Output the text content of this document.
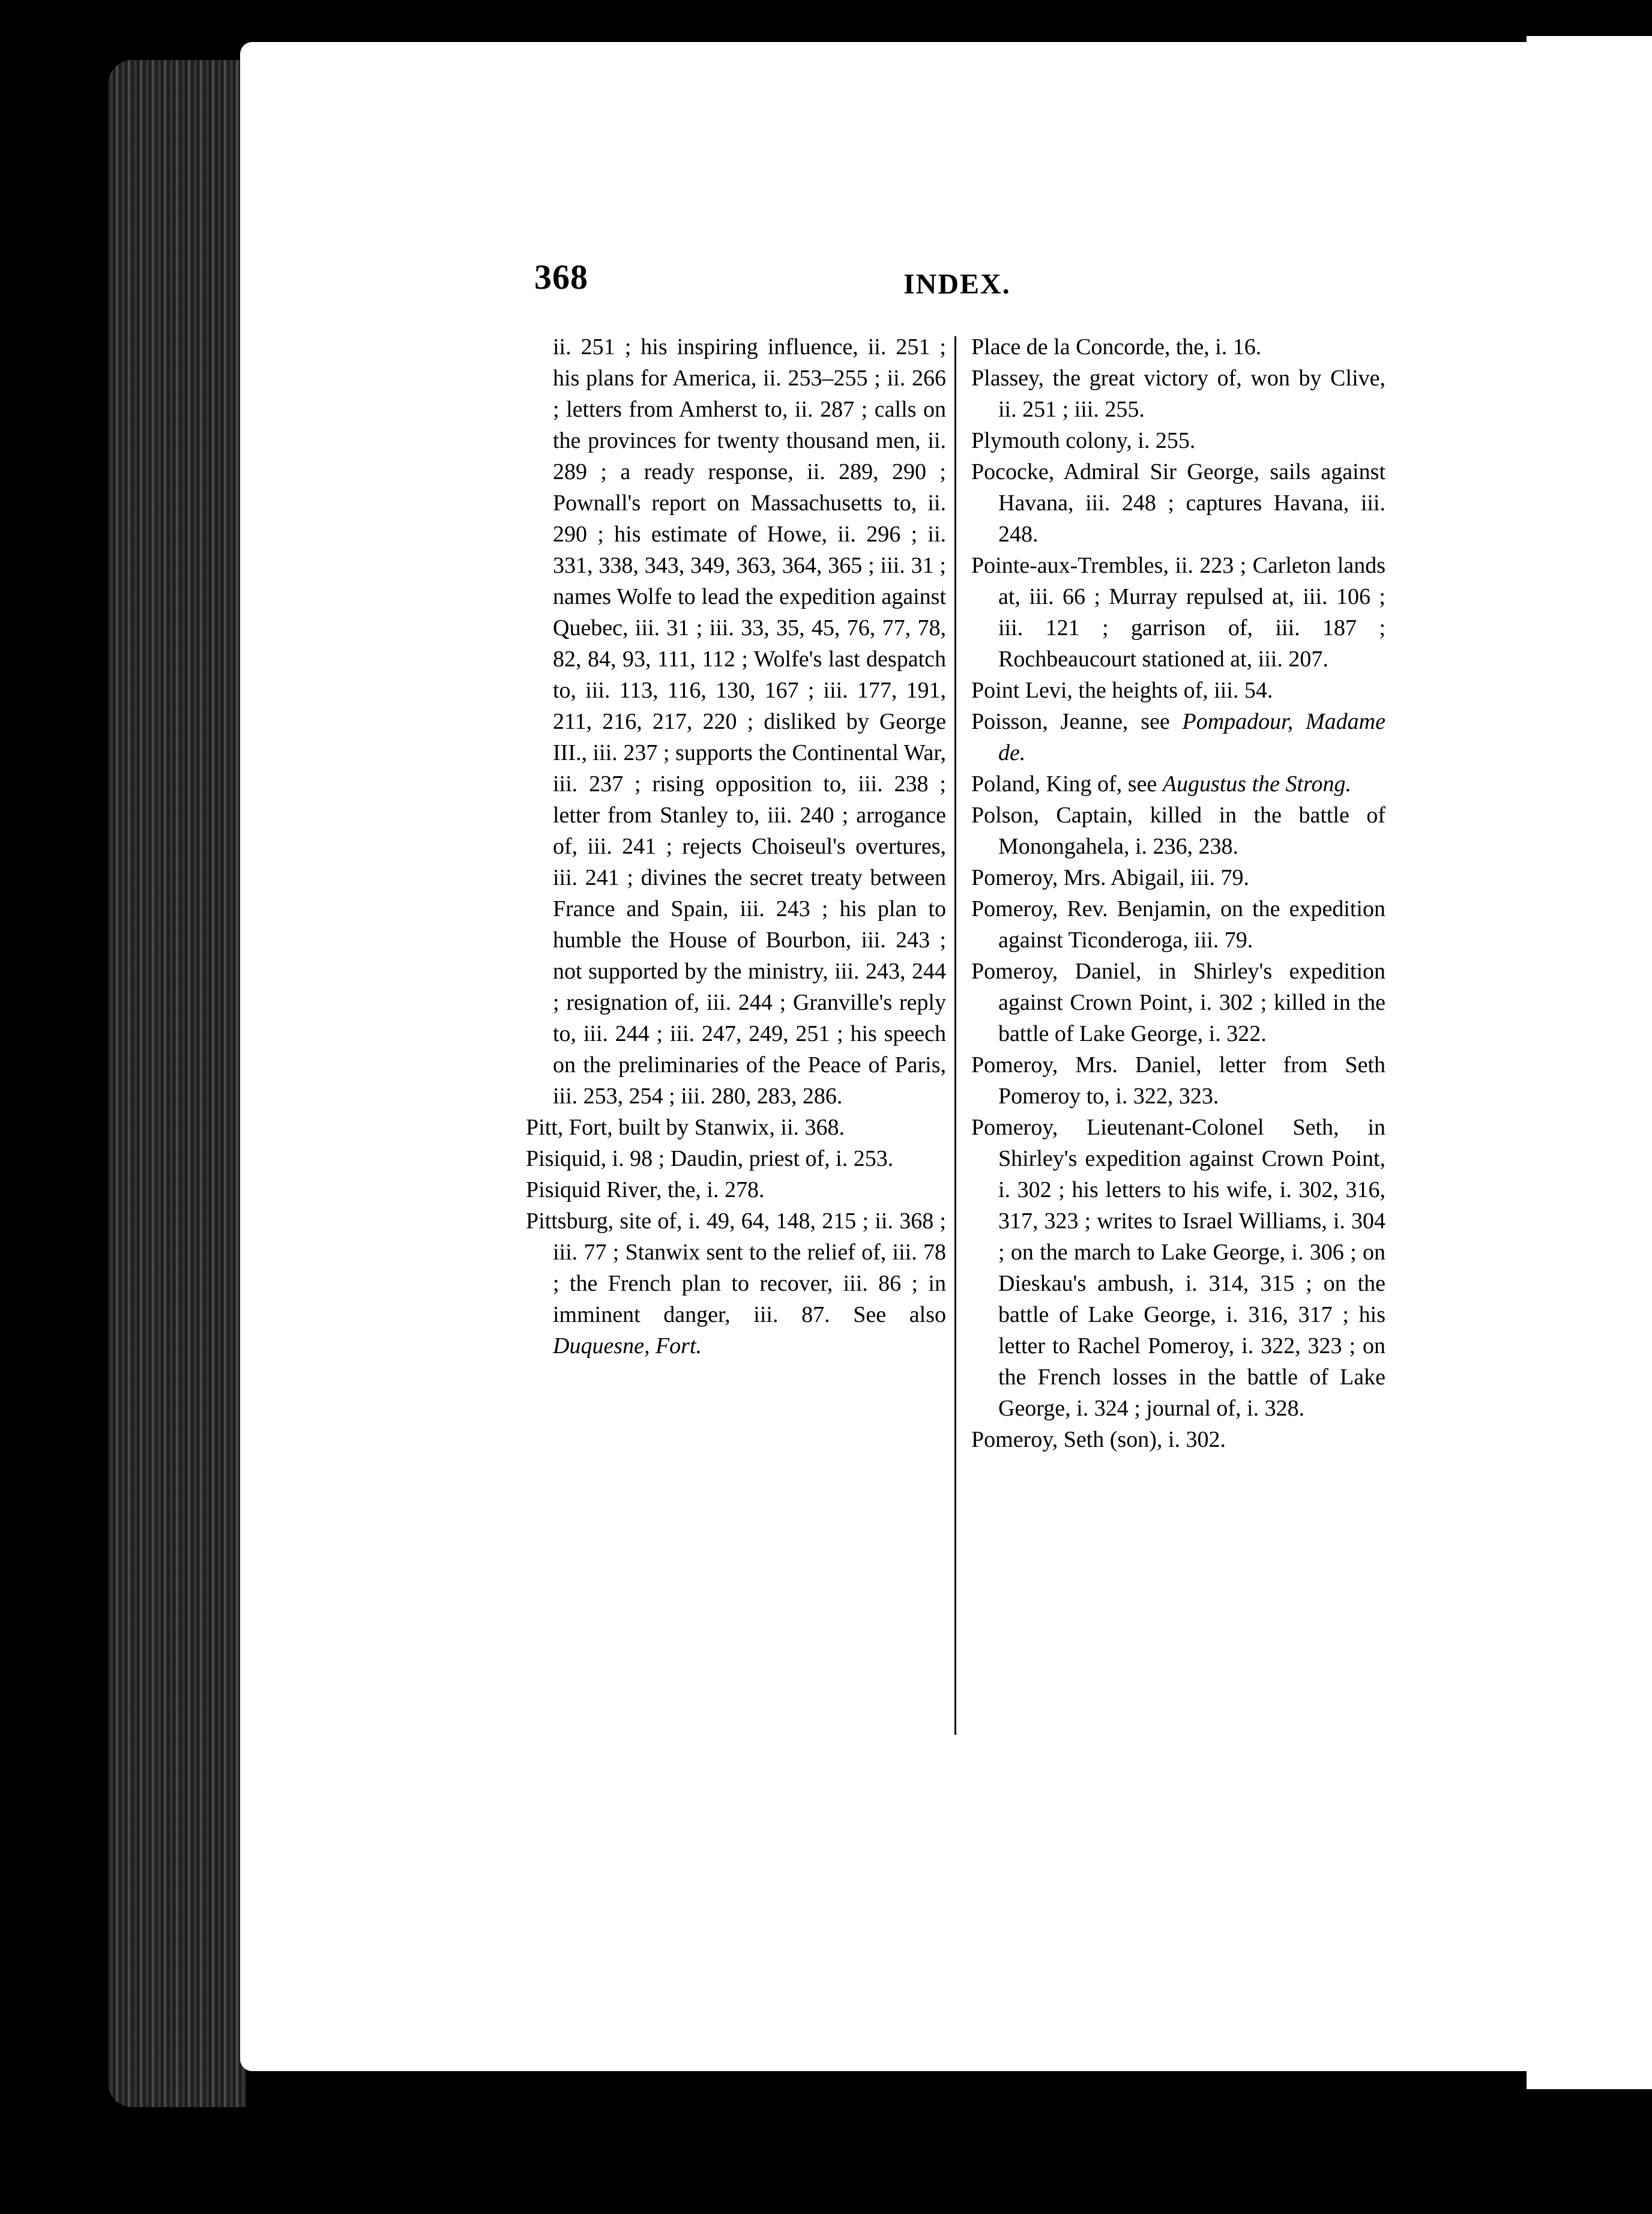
368	INDEX.

ii. 251 ; his inspiring influence, ii. 251 ; his plans for America, ii. 253–255 ; ii. 266 ; letters from Amherst to, ii. 287 ; calls on the provinces for twenty thousand men, ii. 289 ; a ready response, ii. 289, 290 ; Pownall's report on Massachusetts to, ii. 290 ; his estimate of Howe, ii. 296 ; ii. 331, 338, 343, 349, 363, 364, 365 ; iii. 31 ; names Wolfe to lead the expedition against Quebec, iii. 31 ; iii. 33, 35, 45, 76, 77, 78, 82, 84, 93, 111, 112 ; Wolfe's last despatch to, iii. 113, 116, 130, 167 ; iii. 177, 191, 211, 216, 217, 220 ; disliked by George III., iii. 237 ; supports the Continental War, iii. 237 ; rising opposition to, iii. 238 ; letter from Stanley to, iii. 240 ; arrogance of, iii. 241 ; rejects Choiseul's overtures, iii. 241 ; divines the secret treaty between France and Spain, iii. 243 ; his plan to humble the House of Bourbon, iii. 243 ; not supported by the ministry, iii. 243, 244 ; resignation of, iii. 244 ; Granville's reply to, iii. 244 ; iii. 247, 249, 251 ; his speech on the preliminaries of the Peace of Paris, iii. 253, 254 ; iii. 280, 283, 286.

Pitt, Fort, built by Stanwix, ii. 368.

Pisiquid, i. 98 ; Daudin, priest of, i. 253.

Pisiquid River, the, i. 278.

Pittsburg, site of, i. 49, 64, 148, 215 ; ii. 368 ; iii. 77 ; Stanwix sent to the relief of, iii. 78 ; the French plan to recover, iii. 86 ; in imminent danger, iii. 87. See also Duquesne, Fort.

Place de la Concorde, the, i. 16.

Plassey, the great victory of, won by Clive, ii. 251 ; iii. 255.

Plymouth colony, i. 255.

Pococke, Admiral Sir George, sails against Havana, iii. 248 ; captures Havana, iii. 248.

Pointe-aux-Trembles, ii. 223 ; Carleton lands at, iii. 66 ; Murray repulsed at, iii. 106 ; iii. 121 ; garrison of, iii. 187 ; Rochbeaucourt stationed at, iii. 207.

Point Levi, the heights of, iii. 54.

Poisson, Jeanne, see Pompadour, Madame de.

Poland, King of, see Augustus the Strong.

Polson, Captain, killed in the battle of Monongahela, i. 236, 238.

Pomeroy, Mrs. Abigail, iii. 79.

Pomeroy, Rev. Benjamin, on the expedition against Ticonderoga, iii. 79.

Pomeroy, Daniel, in Shirley's expedition against Crown Point, i. 302 ; killed in the battle of Lake George, i. 322.

Pomeroy, Mrs. Daniel, letter from Seth Pomeroy to, i. 322, 323.

Pomeroy, Lieutenant-Colonel Seth, in Shirley's expedition against Crown Point, i. 302 ; his letters to his wife, i. 302, 316, 317, 323 ; writes to Israel Williams, i. 304 ; on the march to Lake George, i. 306 ; on Dieskau's ambush, i. 314, 315 ; on the battle of Lake George, i. 316, 317 ; his letter to Rachel Pomeroy, i. 322, 323 ; on the French losses in the battle of Lake George, i. 324 ; journal of, i. 328.

Pomeroy, Seth (son), i. 302.
